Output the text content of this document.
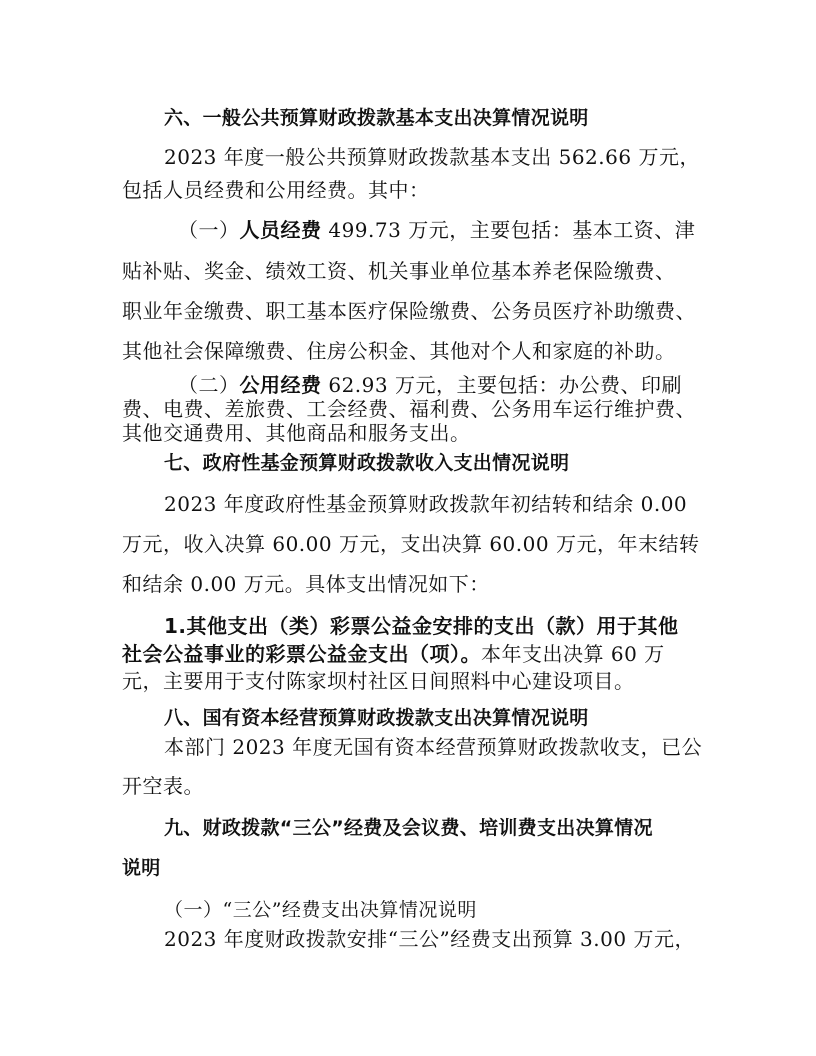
六、一般公共预算财政拨款基本支出决算情况说明
2023 年度一般公共预算财政拨款基本支出 562.66 万元，
包括人员经费和公用经费。其中：
（一）人员经费 499.73 万元，主要包括：基本工资、津
贴补贴、奖金、绩效工资、机关事业单位基本养老保险缴费、
职业年金缴费、职工基本医疗保险缴费、公务员医疗补助缴费、
其他社会保障缴费、住房公积金、其他对个人和家庭的补助。
（二）公用经费 62.93 万元，主要包括：办公费、印刷
费、电费、差旅费、工会经费、福利费、公务用车运行维护费、
其他交通费用、其他商品和服务支出。
七、政府性基金预算财政拨款收入支出情况说明
2023 年度政府性基金预算财政拨款年初结转和结余 0.00
万元，收入决算 60.00 万元，支出决算 60.00 万元，年末结转
和结余 0.00 万元。具体支出情况如下：
1.其他支出（类）彩票公益金安排的支出（款）用于其他
社会公益事业的彩票公益金支出（项）。本年支出决算 60 万
元，主要用于支付陈家坝村社区日间照料中心建设项目。
八、国有资本经营预算财政拨款支出决算情况说明
本部门 2023 年度无国有资本经营预算财政拨款收支，已公
开空表。
九、财政拨款“三公”经费及会议费、培训费支出决算情况
说明
（一）“三公”经费支出决算情况说明
2023 年度财政拨款安排“三公”经费支出预算 3.00 万元，
